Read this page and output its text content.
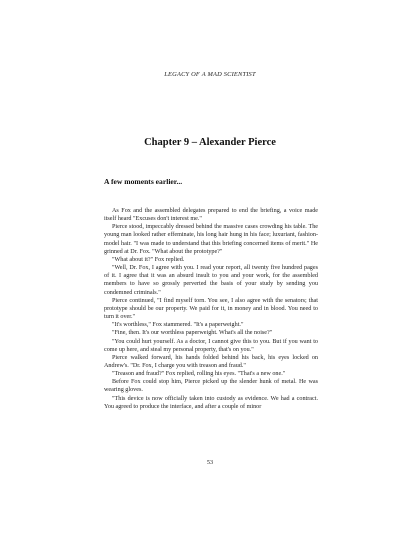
LEGACY OF A MAD SCIENTIST
Chapter 9 – Alexander Pierce
A few moments earlier...

As Fox and the assembled delegates prepared to end the briefing, a voice made itself heard "Excuses don't interest me."

Pierce stood, impeccably dressed behind the massive cases crowding his table. The young man looked rather effeminate, his long hair hung in his face; luxuriant, fashion-model hair. "I was made to understand that this briefing concerned items of merit." He grinned at Dr. Fox. "What about the prototype?"

"What about it?" Fox replied.

"Well, Dr. Fox, I agree with you. I read your report, all twenty five hundred pages of it. I agree that it was an absurd insult to you and your work, for the assembled members to have so grossly perverted the basis of your study by sending you condemned criminals."

Pierce continued, "I find myself torn. You see, I also agree with the senators; that prototype should be our property. We paid for it, in money and in blood. You need to turn it over."

"It's worthless," Fox stammered. "It's a paperweight."

"Fine, then. It's our worthless paperweight. What's all the noise?"

"You could hurt yourself. As a doctor, I cannot give this to you. But if you want to come up here, and steal my personal property, that's on you."

Pierce walked forward, his hands folded behind his back, his eyes locked on Andrew's. "Dr. Fox, I charge you with treason and fraud."

"Treason and fraud?" Fox replied, rolling his eyes. "That's a new one."

Before Fox could stop him, Pierce picked up the slender hunk of metal. He was wearing gloves.

"This device is now officially taken into custody as evidence. We had a contract. You agreed to produce the interface, and after a couple of minor

53
